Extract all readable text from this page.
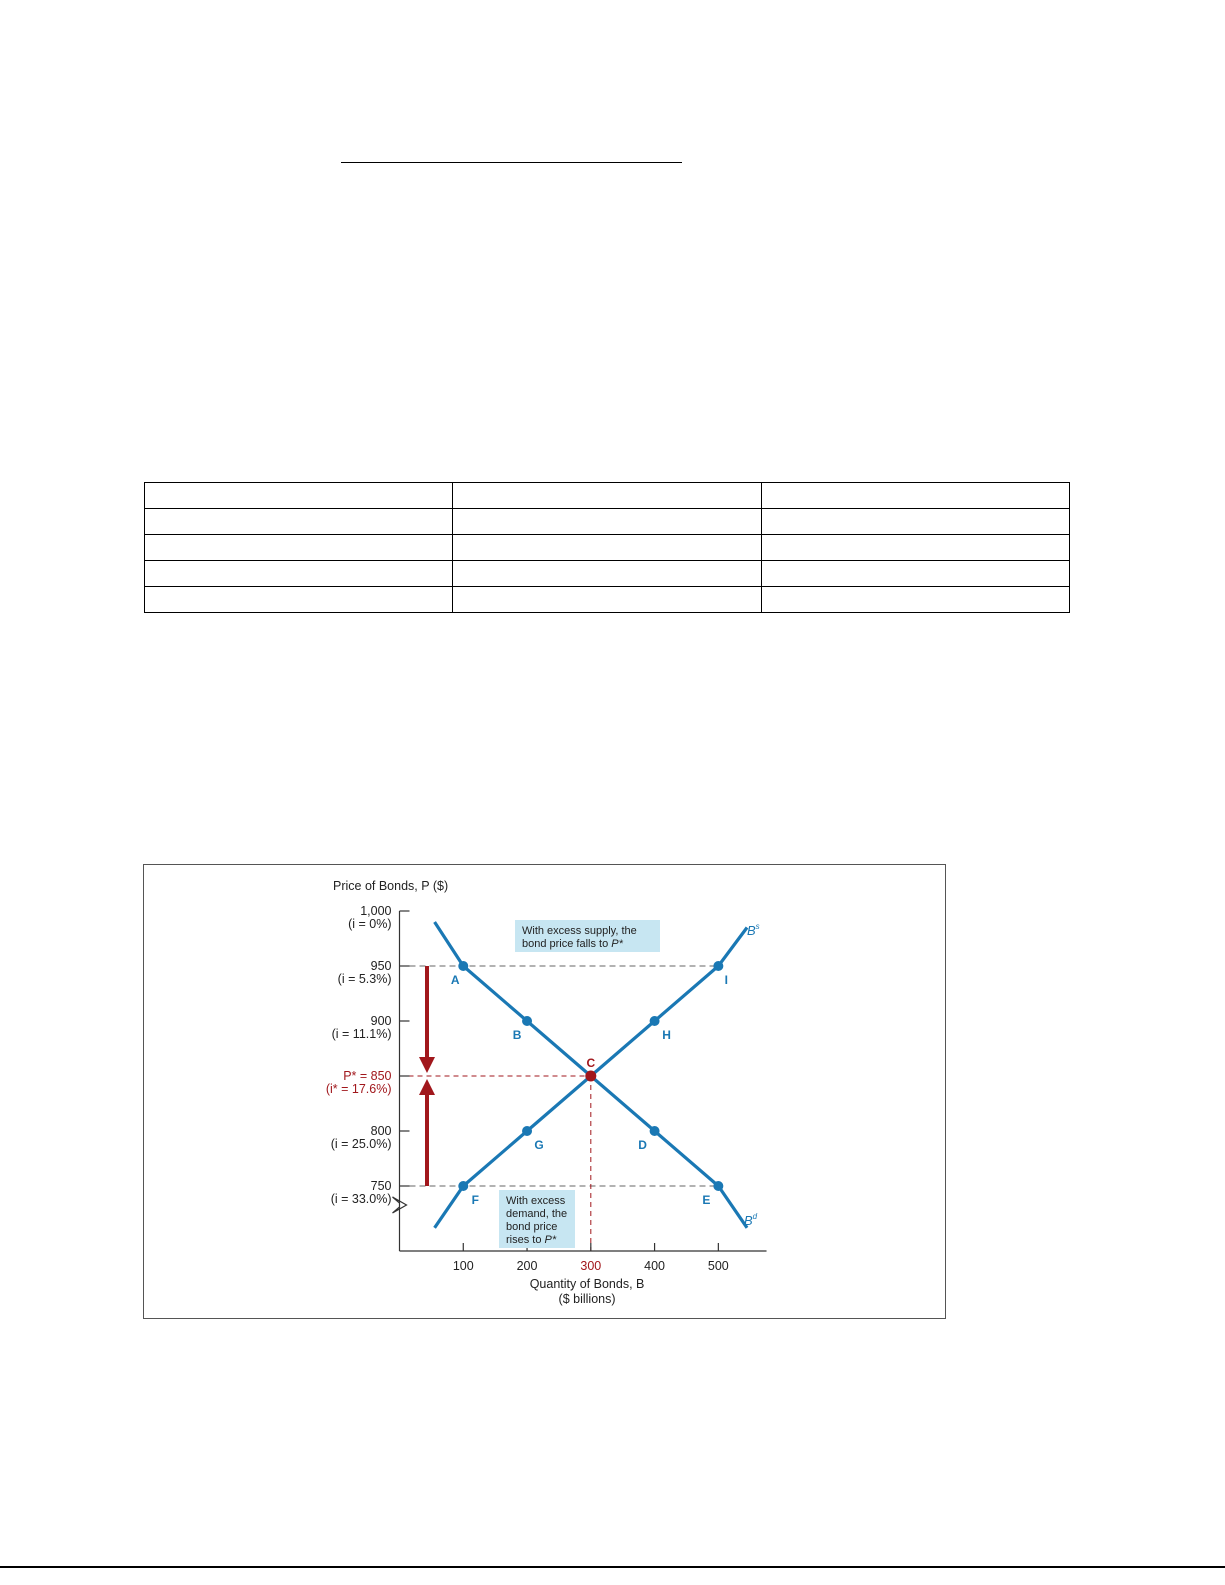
1,000
(i = 0%)
950
(i = 5.3%)
900
(i = 11.1%)
P* = 850
(i* = 17.6%)
800
(i = 25.0%)
750
(i = 33.0%)
100	200	300	400	500
Price of Bonds, P ($)
Quantity of Bonds, B
($ billions)
$B^s$
$B^d$
A
B
C
D
E
F
G
H
I
With excess supply, the
bond price falls to P*
With excess
demand, the
bond price
rises to P*
